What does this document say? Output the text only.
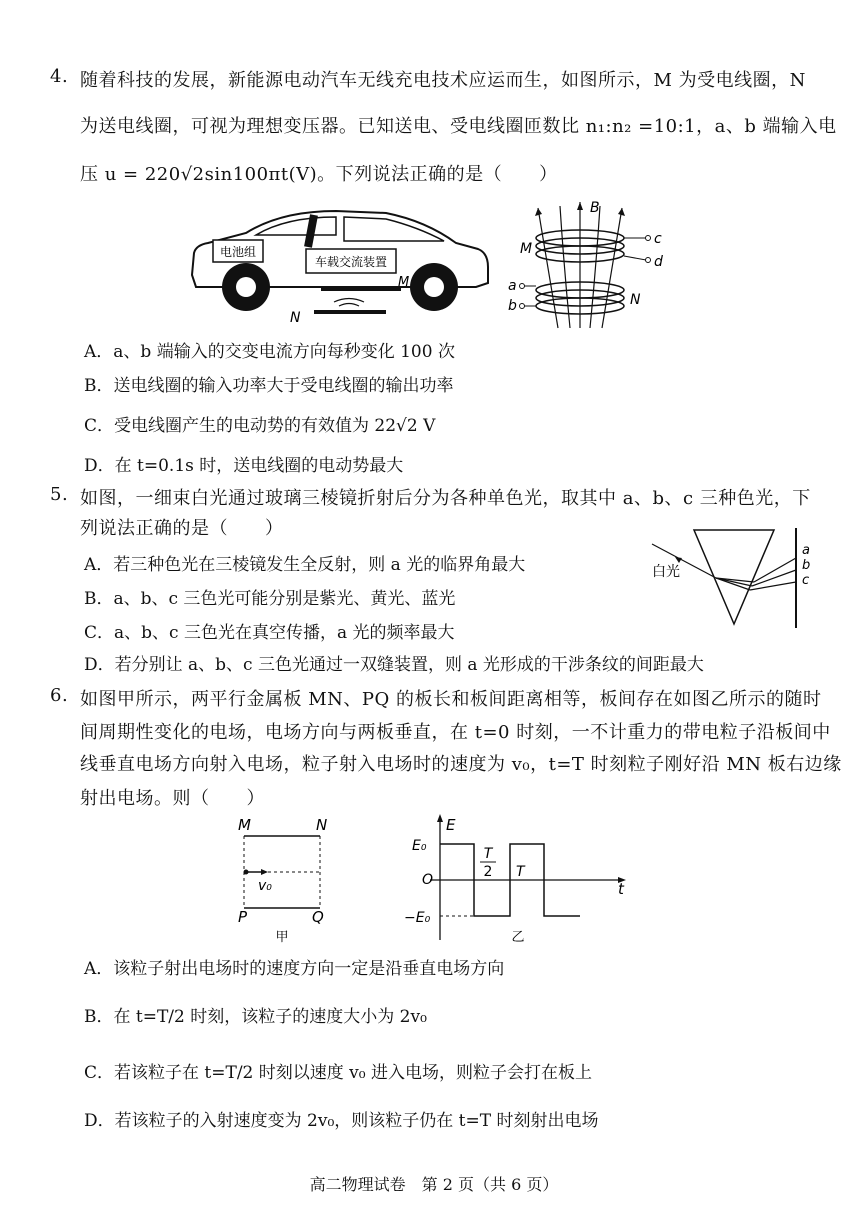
4. 随着科技的发展，新能源电动汽车无线充电技术应运而生，如图所示，M 为受电线圈，N
为送电线圈，可视为理想变压器。已知送电、受电线圈匝数比 n₁:n₂ =10:1，a、b 端输入电
压 u = 220√2sin100πt(V)。下列说法正确的是（　　）
电池组
车载交流装置
M
N
B
c
d
M
a
b	N
A．a、b 端输入的交变电流方向每秒变化 100 次
B．送电线圈的输入功率大于受电线圈的输出功率
C．受电线圈产生的电动势的有效值为 22√2 V
D．在 t=0.1s 时，送电线圈的电动势最大
5. 如图，一细束白光通过玻璃三棱镜折射后分为各种单色光，取其中 a、b、c 三种色光，下
列说法正确的是（　　）
白光
a
b
c
A．若三种色光在三棱镜发生全反射，则 a 光的临界角最大
B．a、b、c 三色光可能分别是紫光、黄光、蓝光
C．a、b、c 三色光在真空传播，a 光的频率最大
D．若分别让 a、b、c 三色光通过一双缝装置，则 a 光形成的干涉条纹的间距最大
6. 如图甲所示，两平行金属板 MN、PQ 的板长和板间距离相等，板间存在如图乙所示的随时
间周期性变化的电场，电场方向与两板垂直，在 t=0 时刻，一不计重力的带电粒子沿板间中
线垂直电场方向射入电场，粒子射入电场时的速度为 v₀，t=T 时刻粒子刚好沿 MN 板右边缘
射出电场。则（　　）
M	N
v₀
P	Q
甲
E
E₀
O
−E₀
t
T
2 T
乙
A．该粒子射出电场时的速度方向一定是沿垂直电场方向
B．在 t=T/2 时刻，该粒子的速度大小为 2v₀
C．若该粒子在 t=T/2 时刻以速度 v₀ 进入电场，则粒子会打在板上
D．若该粒子的入射速度变为 2v₀，则该粒子仍在 t=T 时刻射出电场
高二物理试卷　第 2 页（共 6 页）
